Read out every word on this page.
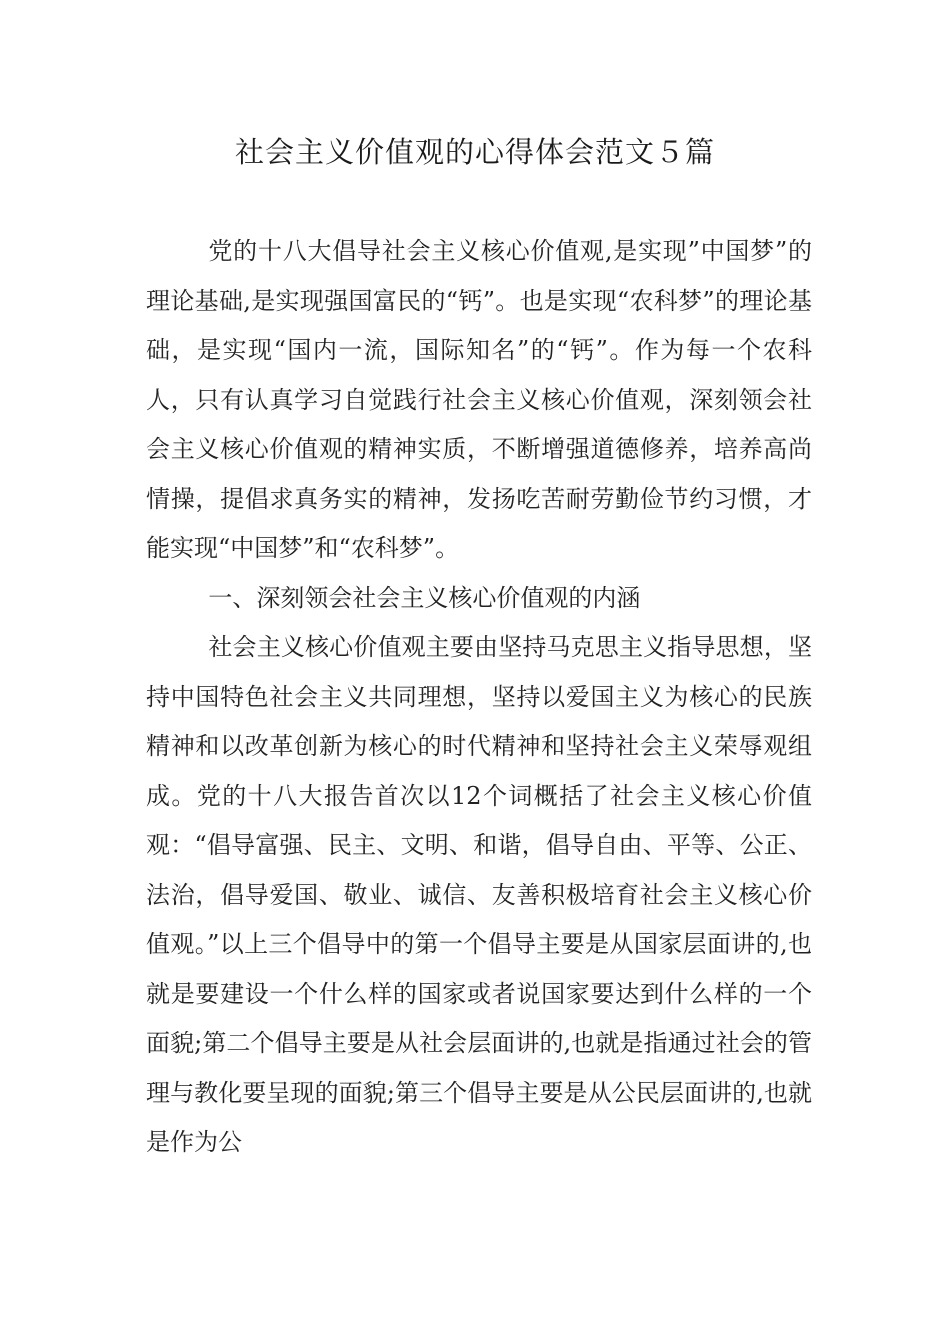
社会主义价值观的心得体会范文５篇

党的十八大倡导社会主义核心价值观,是实现”中国梦”的理论基础,是实现强国富民的“钙”。也是实现“农科梦”的理论基础，是实现“国内一流，国际知名”的“钙”。作为每一个农科人，只有认真学习自觉践行社会主义核心价值观，深刻领会社会主义核心价值观的精神实质，不断增强道德修养，培养高尚情操，提倡求真务实的精神，发扬吃苦耐劳勤俭节约习惯，才能实现“中国梦”和“农科梦”。

一、深刻领会社会主义核心价值观的内涵

社会主义核心价值观主要由坚持马克思主义指导思想，坚持中国特色社会主义共同理想，坚持以爱国主义为核心的民族精神和以改革创新为核心的时代精神和坚持社会主义荣辱观组成。党的十八大报告首次以12个词概括了社会主义核心价值观：“倡导富强、民主、文明、和谐，倡导自由、平等、公正、法治，倡导爱国、敬业、诚信、友善积极培育社会主义核心价值观。”以上三个倡导中的第一个倡导主要是从国家层面讲的,也就是要建设一个什么样的国家或者说国家要达到什么样的一个面貌;第二个倡导主要是从社会层面讲的,也就是指通过社会的管理与教化要呈现的面貌;第三个倡导主要是从公民层面讲的,也就是作为公
